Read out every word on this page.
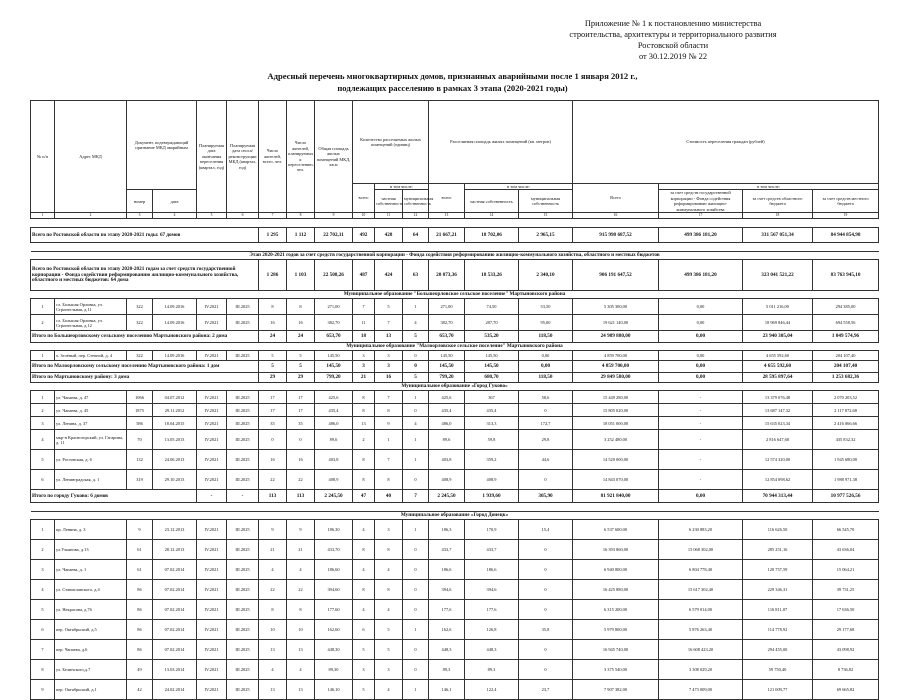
Приложение № 1 к постановлению министерства
строительства, архитектуры и территориального развития
Ростовской области
от 30.12.2019 № 22
Адресный перечень многоквартирных домов, признанных аварийными после 1 января 2012 г.,
подлежащих расселению в рамках 3 этапа (2020-2021 годы)
№ п/п	Адрес МКД	Документ, подтверждающий признание МКД аварийным		Планируемая дата окончания переселения (квартал, год)	Планируемая дата сноса/реконструкции МКД (квартал, год)	Число жителей, всего, чел.	Число жителей, планируемых к переселению, чел.	Общая площадь жилых помещений МКД, кв.м	Количество расселяемых жилых помещений (единиц)			Расселяемая площадь жилых помещений (кв. метров)			Стоимость переселения граждан (рублей)			
									всего	в том числе:		всего	в том числе:		Всего	в том числе:		
		номер	дата							частная собственность	муниципальная собственность		частная собственность	муниципальная собственность		за счет средств государственной корпорации - Фонда содействия реформированию жилищно-коммунального хозяйства	за счет средств областного бюджета	за счет средств местного бюджета
1	2	3	4	5	6	7	8	9	10	11	12	13	14	15	16	17	18	19

Всего по Ростовской области по этапу 2020-2021 годы: 67 домов						1 295	1 112	22 702,11	492	428	64	21 667,21	18 702,06	2 965,15	915 998 687,52	499 386 181,20	331 567 051,34	84 944 854,98

Этап 2020-2021 годов за счет средств государственной корпорации - Фонда содействия реформированию жилищно-коммунального хозяйства, областного и местных бюджетов																		
Всего по Ростовской области по этапу 2020-2021 годам за счет средств государственной корпорации - Фонда содействия реформированию жилищно-коммунального хозяйства, областного и местных бюджетов: 64 дома						1 286	1 103	22 508,26	487	424	63	20 873,36	18 533,26	2 340,10	906 191 647,52	499 386 181,20	323 041 521,22	83 763 945,10
Муниципальное образование "Большеорловское сельское поселение" Мартыновского района																		
1	сл. Большая Орловка, ул. Строительная, д.11	322	14.09.2016	IV.2021	III.2025	8	8	271,00	7	5	1	271,00	74,50	53,50	5 305 300,00	0,00	5 011 216,00	294 385,00
2	сл. Большая Орловка, ул. Строительная, д.12	322	14.09.2016	IV.2021	III.2025	16	16	382,70	11	7	4	382,70	287,70	95,00	19 621 140,00	0,00	18 969 846,44	694 558,56
Итого по Большеорловскому сельскому поселению Мартыновского района: 2 дома						24	24	653,70	18	13	5	653,70	535,20	118,50	24 989 880,00	0,00	23 940 305,04	1 049 574,96
Муниципальное образование "Малоорловское сельское поселение" Мартыновского района																		
1	х. Зелёный, пер. Степной, д. 4	322	14.09.2016	IV.2021	III.2025	5	5	145,50	3	3	0	145,50	145,50	0,00	4 859 700,00	0,00	4 655 592,60	204 107,40
Итого по Малоорловскому сельскому поселению Мартыновского района: 1 дом						5	5	145,50	3	3	0	145,50	145,50	0,00	4 859 700,00	0,00	4 655 592,60	204 107,40
Итого по Мартыновскому району: 3 дома						29	29	799,20	21	16	5	799,20	680,70	118,50	29 849 580,00	0,00	28 595 897,64	1 253 682,36
Муниципальное образование «Город Гуково»																		
1	ул. Чапаева, д. 47	1066	04.07.2012	IV.2021	III.2025	17	17	425,6	8	7	1	425,6	367	58,6	15 449 280,00	-	13 379 076,48	2 070 203,52
2	ул. Чапаева, д. 45	1875	29.11.2012	IV.2021	III.2025	17	17	435,4	8	8	0	435,4	435,4	0	15 805 020,00	-	13 687 147,32	2 117 872,68
3	ул. Ленина, д. 37	586	18.04.2015	IV.2021	III.2025	35	35	486,0	13	9	4	486,0	313,3	172,7	18 051 000,00	-	15 635 023,34	2 416 066,66
4	мкр-н Красногорский, ул. Гагарина, д. 11	70	13.05.2013	IV.2021	III.2025	0	0	89,6	2	1	1	89,6	59,8	29,8	3 252 480,00	-	2 816 647,68	435 832,32
5	ул. Ростовская, д. 6	132	24.06.2013	IV.2021	III.2025	16	16	403,8	8	7	1	403,8	359,2	44,6	14 520 000,00	-	12 574 320,00	1 945 680,00
6	ул. Ленинградская, д. 1	319	29.10.2013	IV.2021	III.2025	22	22	408,9	8	8	0	408,9	408,9	0	14 843 070,00	-	12 854 098,62	1 988 971,38
Итого по городу Гуково: 6 домов				-	-	113	113	2 245,50	47	40	7	2 245,50	1 939,60	305,90	81 921 840,00	0,00	70 944 313,44	10 977 526,56

Муниципальное образование «Город Донецк»																		
1	пр. Ленина, д. 3	9	23.12.2013	IV.2021	III.2025	9	9	186,30	4	3	1	186,3	170,9	15,4	6 537 600,00	6 230 883,20	116 626,50	66 545,70
2	ул.Ульянова, д.13	61	28.12.2013	IV.2021	III.2025	21	21	433,70	8	8	0	433,7	433,7	0	16 393 860,00	15 068 302,00	285 251,16	43 636,04
3	ул. Чапаева, д. 1	61	07.02.2014	IV.2021	III.2025	4	4	186,60	4	4	0	186,6	186,6	0	6 940 800,00	6 804 778,40	120 757,59	15 064,21
4	ул. Станиславского, д.4	86	07.02.2014	IV.2021	III.2025	22	22	394,60	8	8	0	394,6	394,6	0	16 425 880,00	15 617 302,40	229 346,31	39 731,25
5	ул. Некрасова, д.76	86	07.02.2014	IV.2021	III.2025	8	8	177,60	4	4	0	177,6	177,6	0	6 315 200,00	6 579 014,00	116 811,07	17 636,50
6	пер. Октябрьский, д.5	86	07.02.2014	IV.2021	III.2025	10	10	162,60	6	5	1	162,6	126,8	35,8	5 979 800,00	5 876 263,40	114 778,92	29 177,68
7	пер. Чапаева, д.6	86	07.02.2014	IV.2021	III.2025	13	13	448,30	5	5	0	448,3	448,3	0	16 945 740,00	16 608 423,20	294 455,00	43 098,92
8	ул. Белинского,д.7	49	13.03.2014	IV.2021	III.2025	4	4	89,30	3	3	0	89,3	89,3	0	3 375 540,00	3 308 029,20	59 750,40	8 736,82
9	пер. Октябрьский, д.1	42	24.02.2014	IV.2021	III.2025	13	13	146,10	5	4	1	146,1	122,4	23,7	7 907 382,00	7 473 009,00	121 009,77	69 665,82
